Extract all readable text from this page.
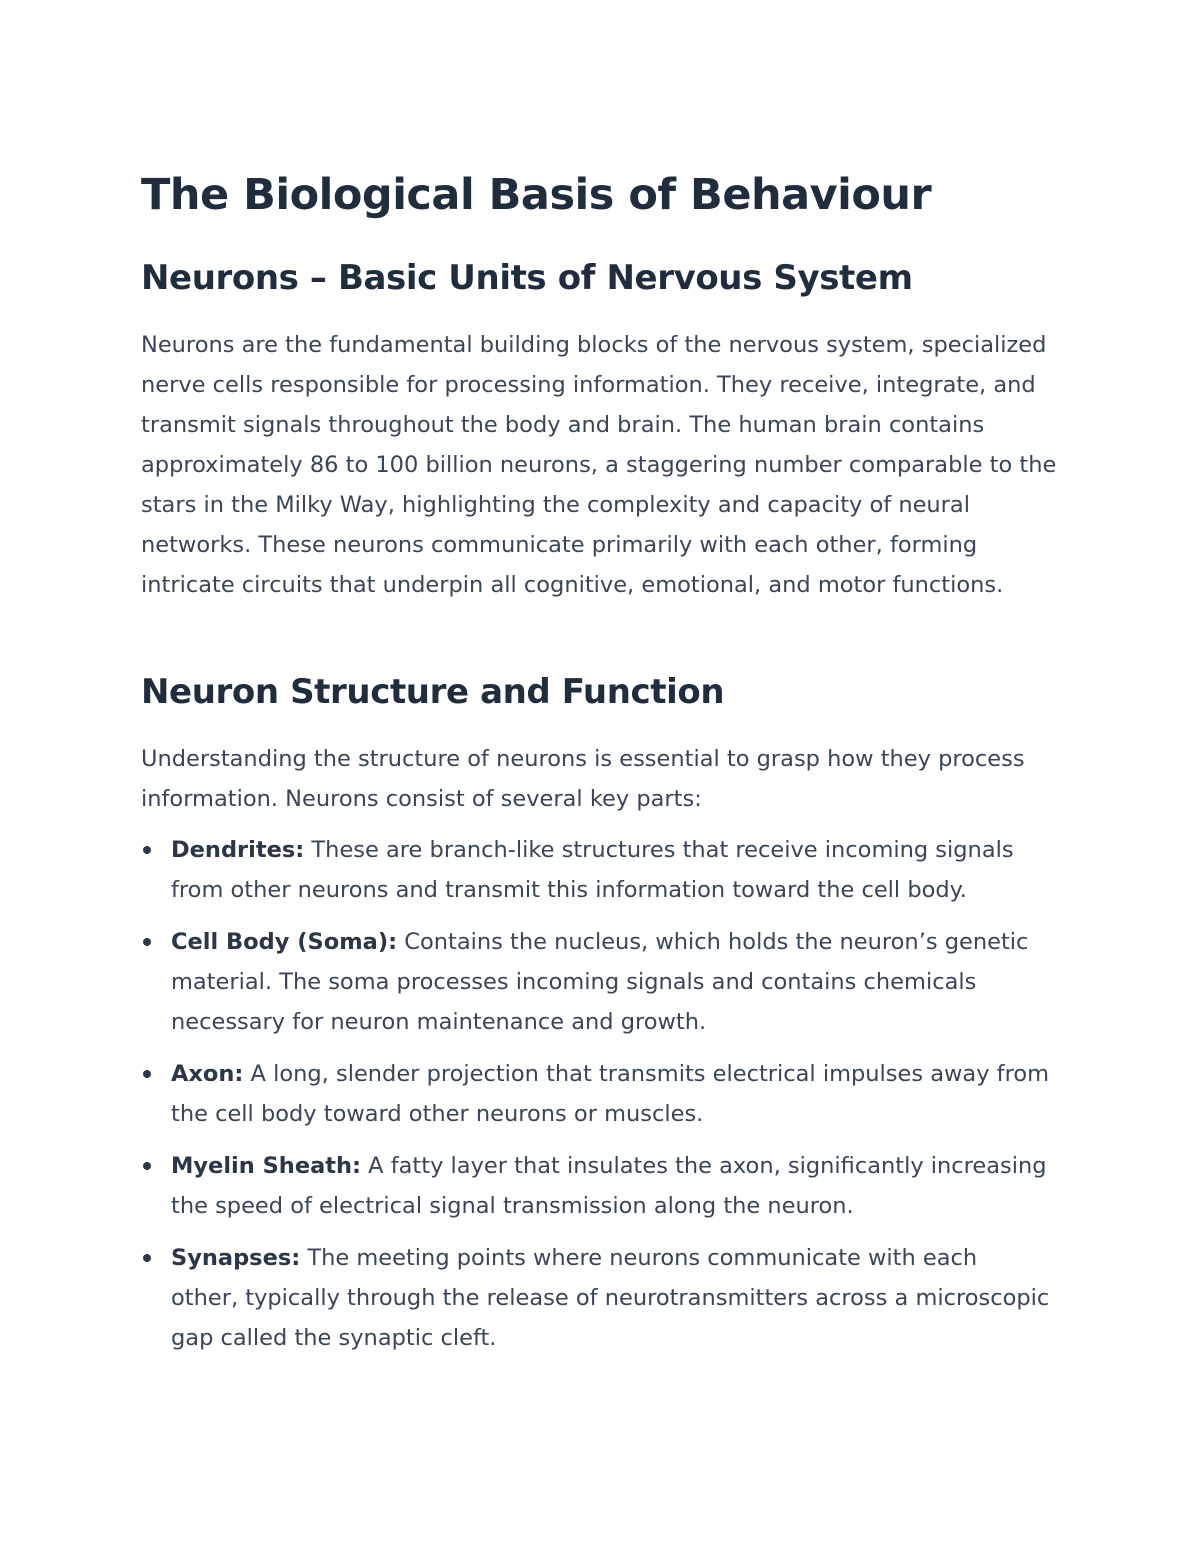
The Biological Basis of Behaviour
Neurons – Basic Units of Nervous System

Neurons are the fundamental building blocks of the nervous system, specialized nerve cells responsible for processing information. They receive, integrate, and transmit signals throughout the body and brain. The human brain contains approximately 86 to 100 billion neurons, a staggering number comparable to the stars in the Milky Way, highlighting the complexity and capacity of neural networks. These neurons communicate primarily with each other, forming intricate circuits that underpin all cognitive, emotional, and motor functions.

Neuron Structure and Function

Understanding the structure of neurons is essential to grasp how they process information. Neurons consist of several key parts:

Dendrites: These are branch-like structures that receive incoming signals from other neurons and transmit this information toward the cell body.
Cell Body (Soma): Contains the nucleus, which holds the neuron’s genetic material. The soma processes incoming signals and contains chemicals necessary for neuron maintenance and growth.
Axon: A long, slender projection that transmits electrical impulses away from the cell body toward other neurons or muscles.
Myelin Sheath: A fatty layer that insulates the axon, significantly increasing the speed of electrical signal transmission along the neuron.
Synapses: The meeting points where neurons communicate with each other, typically through the release of neurotransmitters across a microscopic gap called the synaptic cleft.
